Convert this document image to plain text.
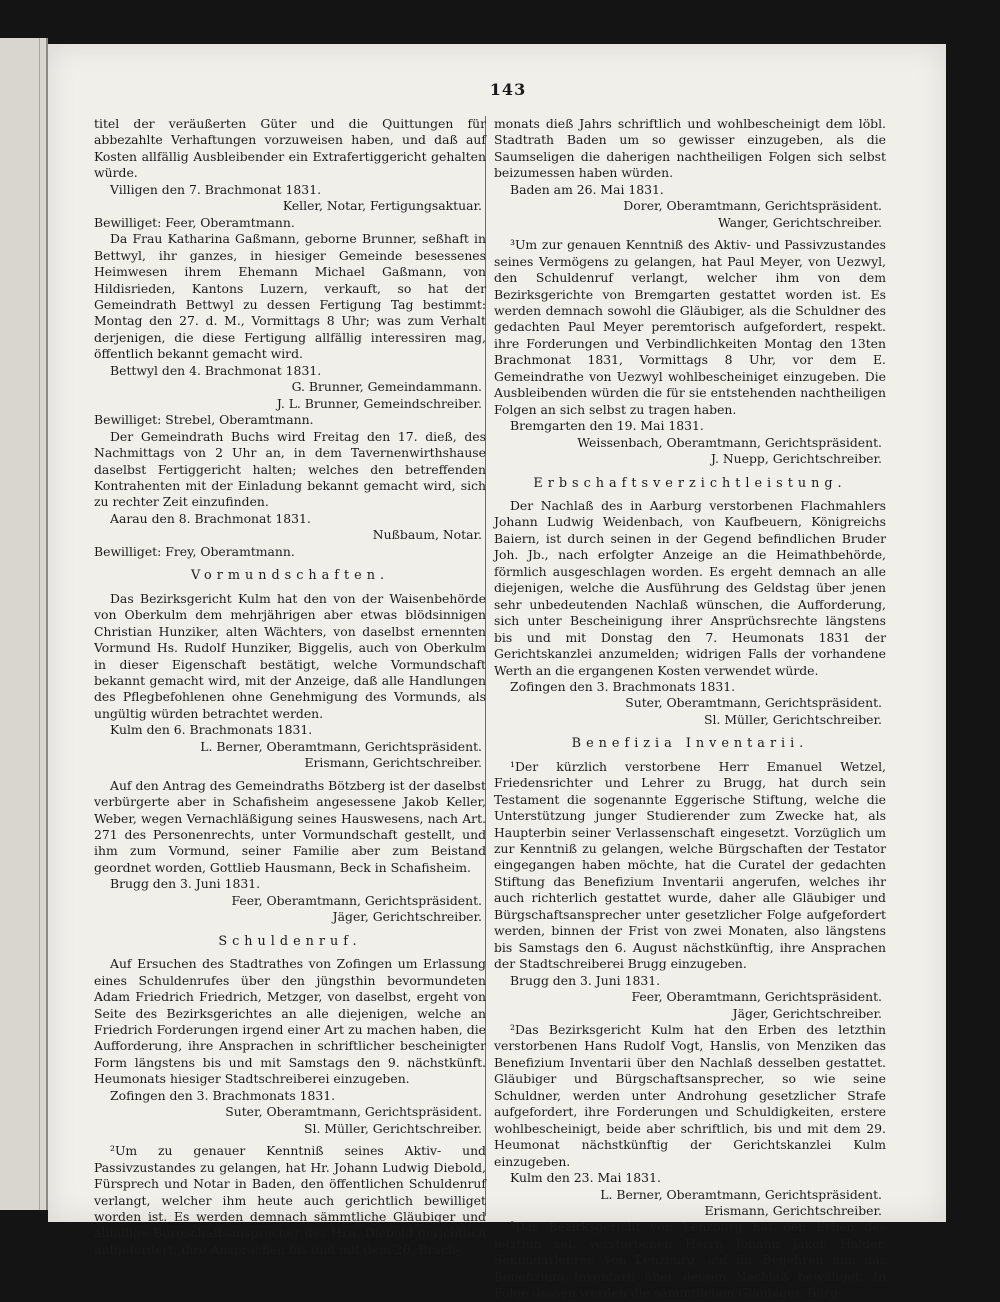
143

titel der veräußerten Güter und die Quittungen für abbezahlte Verhaftungen vorzuweisen haben, und daß auf Kosten allfällig Ausbleibender ein Extrafertiggericht gehalten würde.

Villigen den 7. Brachmonat 1831.

Keller, Notar, Fertigungsaktuar.

Bewilliget: Feer, Oberamtmann.

Da Frau Katharina Gaßmann, geborne Brunner, seßhaft in Bettwyl, ihr ganzes, in hiesiger Gemeinde besessenes Heimwesen ihrem Ehemann Michael Gaßmann, von Hildisrieden, Kantons Luzern, verkauft, so hat der Gemeindrath Bettwyl zu dessen Fertigung Tag bestimmt: Montag den 27. d. M., Vormittags 8 Uhr; was zum Verhalt derjenigen, die diese Fertigung allfällig interessiren mag, öffentlich bekannt gemacht wird.

Bettwyl den 4. Brachmonat 1831.

G. Brunner, Gemeindammann.

J. L. Brunner, Gemeindschreiber.

Bewilliget: Strebel, Oberamtmann.

Der Gemeindrath Buchs wird Freitag den 17. dieß, des Nachmittags von 2 Uhr an, in dem Tavernenwirthshause daselbst Fertiggericht halten; welches den betreffenden Kontrahenten mit der Einladung bekannt gemacht wird, sich zu rechter Zeit einzufinden.

Aarau den 8. Brachmonat 1831.

Nußbaum, Notar.

Bewilliget: Frey, Oberamtmann.

Vormundschaften.

Das Bezirksgericht Kulm hat den von der Waisenbehörde von Oberkulm dem mehrjährigen aber etwas blödsinnigen Christian Hunziker, alten Wächters, von daselbst ernennten Vormund Hs. Rudolf Hunziker, Biggelis, auch von Oberkulm in dieser Eigenschaft bestätigt, welche Vormundschaft bekannt gemacht wird, mit der Anzeige, daß alle Handlungen des Pflegbefohlenen ohne Genehmigung des Vormunds, als ungültig würden betrachtet werden.

Kulm den 6. Brachmonats 1831.

L. Berner, Oberamtmann, Gerichtspräsident.

Erismann, Gerichtschreiber.

Auf den Antrag des Gemeindraths Bötzberg ist der daselbst verbürgerte aber in Schafisheim angesessene Jakob Keller, Weber, wegen Vernachläßigung seines Hauswesens, nach Art. 271 des Personenrechts, unter Vormundschaft gestellt, und ihm zum Vormund, seiner Familie aber zum Beistand geordnet worden, Gottlieb Hausmann, Beck in Schafisheim.

Brugg den 3. Juni 1831.

Feer, Oberamtmann, Gerichtspräsident.

Jäger, Gerichtschreiber.

Schuldenruf.

Auf Ersuchen des Stadtrathes von Zofingen um Erlassung eines Schuldenrufes über den jüngsthin bevormundeten Adam Friedrich Friedrich, Metzger, von daselbst, ergeht von Seite des Bezirksgerichtes an alle diejenigen, welche an Friedrich Forderungen irgend einer Art zu machen haben, die Aufforderung, ihre Ansprachen in schriftlicher bescheinigter Form längstens bis und mit Samstags den 9. nächstkünft. Heumonats hiesiger Stadtschreiberei einzugeben.

Zofingen den 3. Brachmonats 1831.

Suter, Oberamtmann, Gerichtspräsident.

Sl. Müller, Gerichtschreiber.

²Um zu genauer Kenntniß seines Aktiv- und Passivzustandes zu gelangen, hat Hr. Johann Ludwig Diebold, Fürsprech und Notar in Baden, den öffentlichen Schuldenruf verlangt, welcher ihm heute auch gerichtlich bewilliget worden ist. Es werden demnach sämmtliche Gläubiger und allfällige Bürgschaftsansprecher des Hrn. Diebold gerichtlich aufgefordert, ihre Ansprachen bis und mit dem 20. Brach-

monats dieß Jahrs schriftlich und wohlbescheinigt dem löbl. Stadtrath Baden um so gewisser einzugeben, als die Saumseligen die daherigen nachtheiligen Folgen sich selbst beizumessen haben würden.

Baden am 26. Mai 1831.

Dorer, Oberamtmann, Gerichtspräsident.

Wanger, Gerichtschreiber.

³Um zur genauen Kenntniß des Aktiv- und Passivzustandes seines Vermögens zu gelangen, hat Paul Meyer, von Uezwyl, den Schuldenruf verlangt, welcher ihm von dem Bezirksgerichte von Bremgarten gestattet worden ist. Es werden demnach sowohl die Gläubiger, als die Schuldner des gedachten Paul Meyer peremtorisch aufgefordert, respekt. ihre Forderungen und Verbindlichkeiten Montag den 13ten Brachmonat 1831, Vormittags 8 Uhr, vor dem E. Gemeindrathe von Uezwyl wohlbescheiniget einzugeben. Die Ausbleibenden würden die für sie entstehenden nachtheiligen Folgen an sich selbst zu tragen haben.

Bremgarten den 19. Mai 1831.

Weissenbach, Oberamtmann, Gerichtspräsident.

J. Nuepp, Gerichtschreiber.

Erbschaftsverzichtleistung.

Der Nachlaß des in Aarburg verstorbenen Flachmahlers Johann Ludwig Weidenbach, von Kaufbeuern, Königreichs Baiern, ist durch seinen in der Gegend befindlichen Bruder Joh. Jb., nach erfolgter Anzeige an die Heimathbehörde, förmlich ausgeschlagen worden. Es ergeht demnach an alle diejenigen, welche die Ausführung des Geldstag über jenen sehr unbedeutenden Nachlaß wünschen, die Aufforderung, sich unter Bescheinigung ihrer Ansprüchsrechte längstens bis und mit Donstag den 7. Heumonats 1831 der Gerichtskanzlei anzumelden; widrigen Falls der vorhandene Werth an die ergangenen Kosten verwendet würde.

Zofingen den 3. Brachmonats 1831.

Suter, Oberamtmann, Gerichtspräsident.

Sl. Müller, Gerichtschreiber.

Benefizia Inventarii.

¹Der kürzlich verstorbene Herr Emanuel Wetzel, Friedensrichter und Lehrer zu Brugg, hat durch sein Testament die sogenannte Eggerische Stiftung, welche die Unterstützung junger Studierender zum Zwecke hat, als Haupterbin seiner Verlassenschaft eingesetzt. Vorzüglich um zur Kenntniß zu gelangen, welche Bürgschaften der Testator eingegangen haben möchte, hat die Curatel der gedachten Stiftung das Benefizium Inventarii angerufen, welches ihr auch richterlich gestattet wurde, daher alle Gläubiger und Bürgschaftsansprecher unter gesetzlicher Folge aufgefordert werden, binnen der Frist von zwei Monaten, also längstens bis Samstags den 6. August nächstkünftig, ihre Ansprachen der Stadtschreiberei Brugg einzugeben.

Brugg den 3. Juni 1831.

Feer, Oberamtmann, Gerichtspräsident.

Jäger, Gerichtschreiber.

²Das Bezirksgericht Kulm hat den Erben des letzthin verstorbenen Hans Rudolf Vogt, Hanslis, von Menziken das Benefizium Inventarii über den Nachlaß desselben gestattet. Gläubiger und Bürgschaftsansprecher, so wie seine Schuldner, werden unter Androhung gesetzlicher Strafe aufgefordert, ihre Forderungen und Schuldigkeiten, erstere wohlbescheinigt, beide aber schriftlich, bis und mit dem 29. Heumonat nächstkünftig der Gerichtskanzlei Kulm einzugeben.

Kulm den 23. Mai 1831.

L. Berner, Oberamtmann, Gerichtspräsident.

Erismann, Gerichtschreiber.

²Das Bezirksgericht von Lenzburg hat den Erben des letzthin sel. verstorbenen Herrn Johann Jakob Halder, Sekundarlehrer, von Lenzburg, auf ihr Begehren hin, das Benefizium Inventarii über dessen Nachlaß bewilliget. In Folge dessen werden die sämmtlichen Gläubiger, Bürg-
